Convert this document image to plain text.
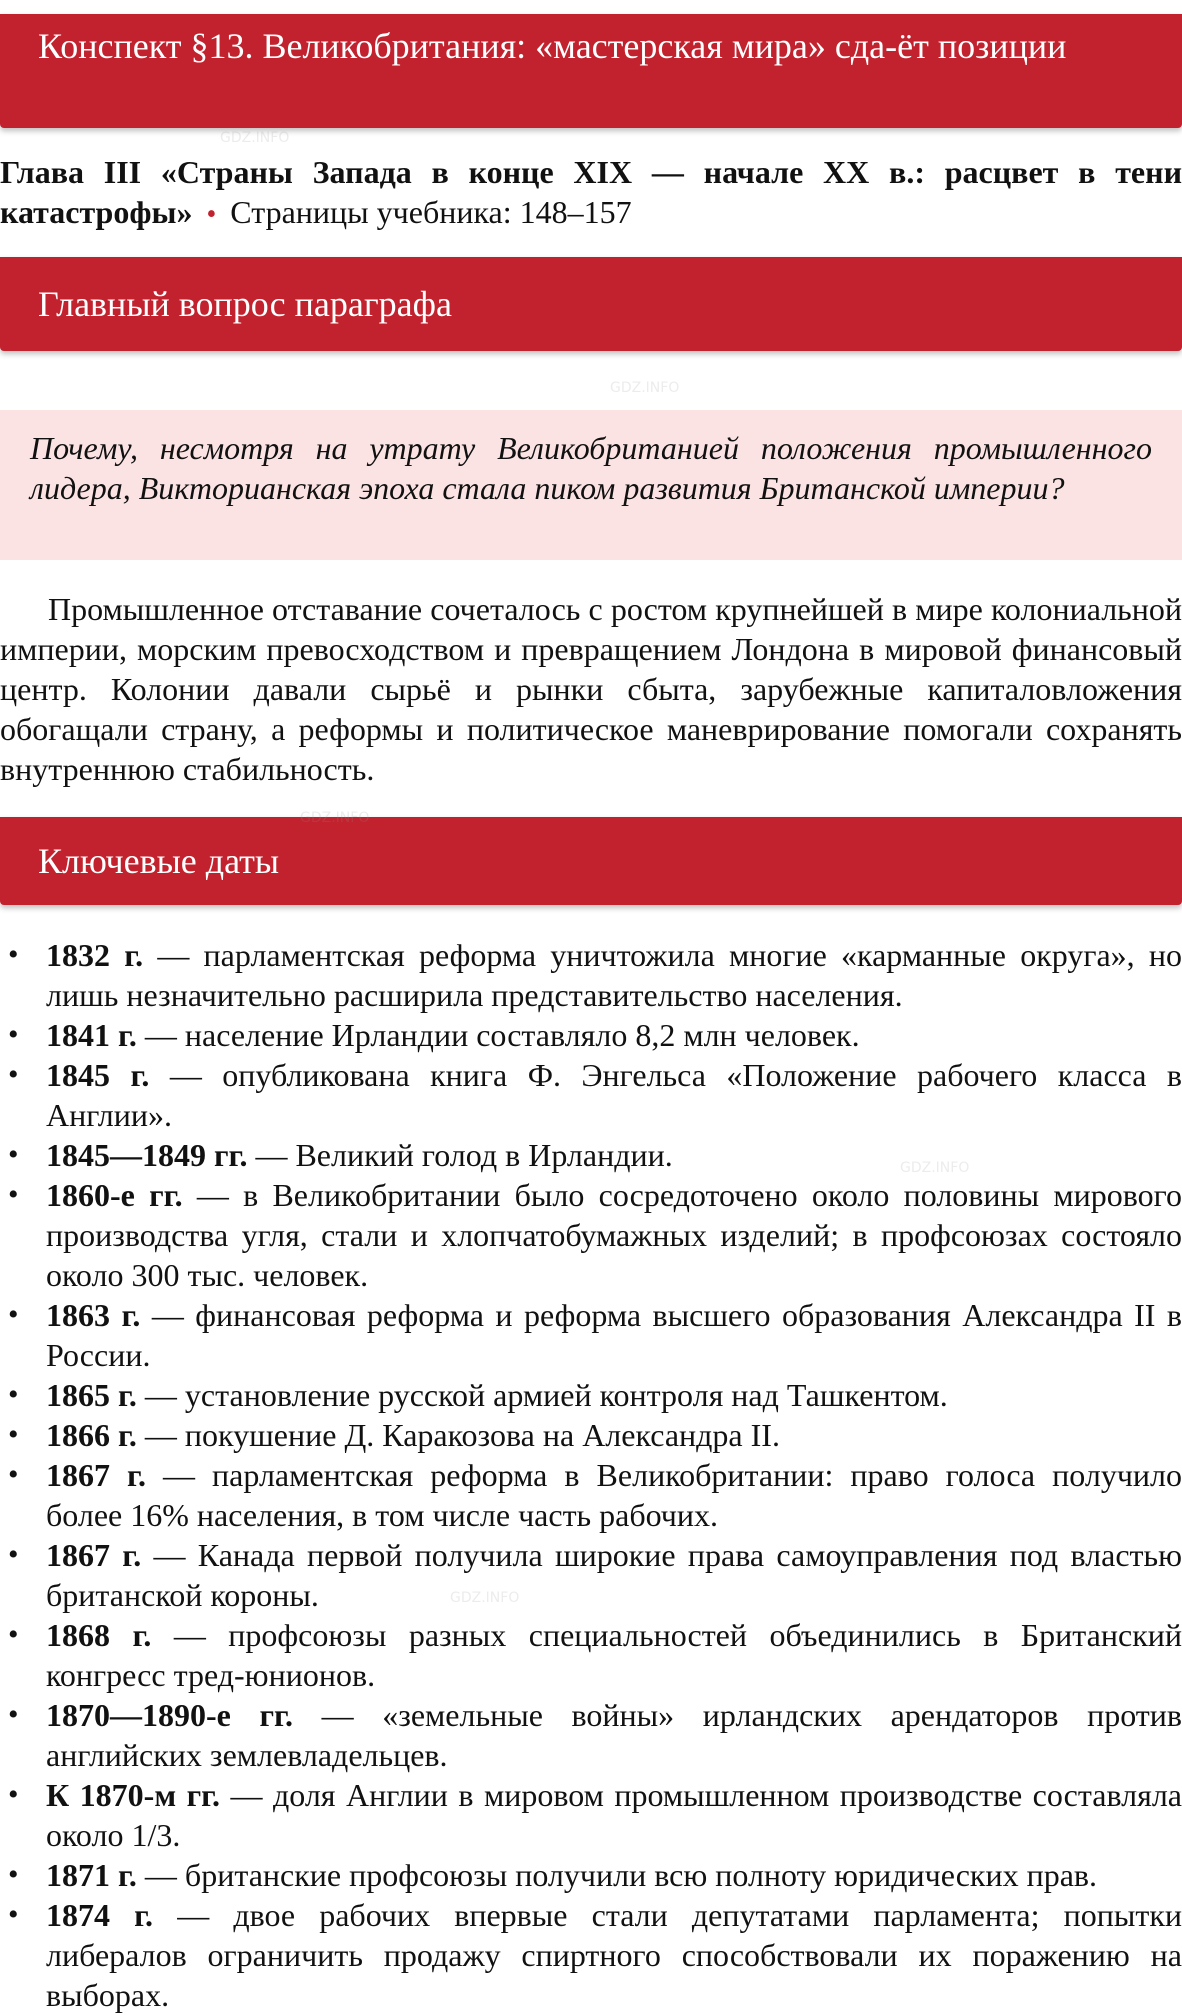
Конспект §13. Великобритания: «мастерская мира» сда-ёт позиции
Глава III «Страны Запада в конце XIX — начале XX в.: расцвет в тени катастрофы» • Страницы учебника: 148–157
Главный вопрос параграфа
Почему, несмотря на утрату Великобританией положения промышленного лидера, Викторианская эпоха стала пиком развития Британской империи?

Промышленное отставание сочеталось с ростом крупнейшей в мире колониальной империи, морским превосходством и превращением Лондона в мировой финансовый центр. Колонии давали сырьё и рынки сбыта, зарубежные капиталовложения обогащали страну, а реформы и политическое маневрирование помогали сохранять внутреннюю стабильность.

Ключевые даты
• 1832 г. — парламентская реформа уничтожила многие «карманные округа», но лишь незначительно расширила представительство населения.
• 1841 г. — население Ирландии составляло 8,2 млн человек.
• 1845 г. — опубликована книга Ф. Энгельса «Положение рабочего класса в Англии».
• 1845—1849 гг. — Великий голод в Ирландии.
• 1860-е гг. — в Великобритании было сосредоточено около половины мирового производства угля, стали и хлопчатобумажных изделий; в профсоюзах состояло около 300 тыс. человек.
• 1863 г. — финансовая реформа и реформа высшего образования Александра II в России.
• 1865 г. — установление русской армией контроля над Ташкентом.
• 1866 г. — покушение Д. Каракозова на Александра II.
• 1867 г. — парламентская реформа в Великобритании: право голоса получило более 16% населения, в том числе часть рабочих.
• 1867 г. — Канада первой получила широкие права самоуправления под властью британской короны.
• 1868 г. — профсоюзы разных специальностей объединились в Британский конгресс тред-юнионов.
• 1870—1890-е гг. — «земельные войны» ирландских арендаторов против английских землевладельцев.
• К 1870-м гг. — доля Англии в мировом промышленном производстве составляла около 1/3.
• 1871 г. — британские профсоюзы получили всю полноту юридических прав.
• 1874 г. — двое рабочих впервые стали депутатами парламента; попытки либералов ограничить продажу спиртного способствовали их поражению на выборах.
GDZ.INFO
GDZ.INFO
GDZ.INFO
GDZ.INFO
